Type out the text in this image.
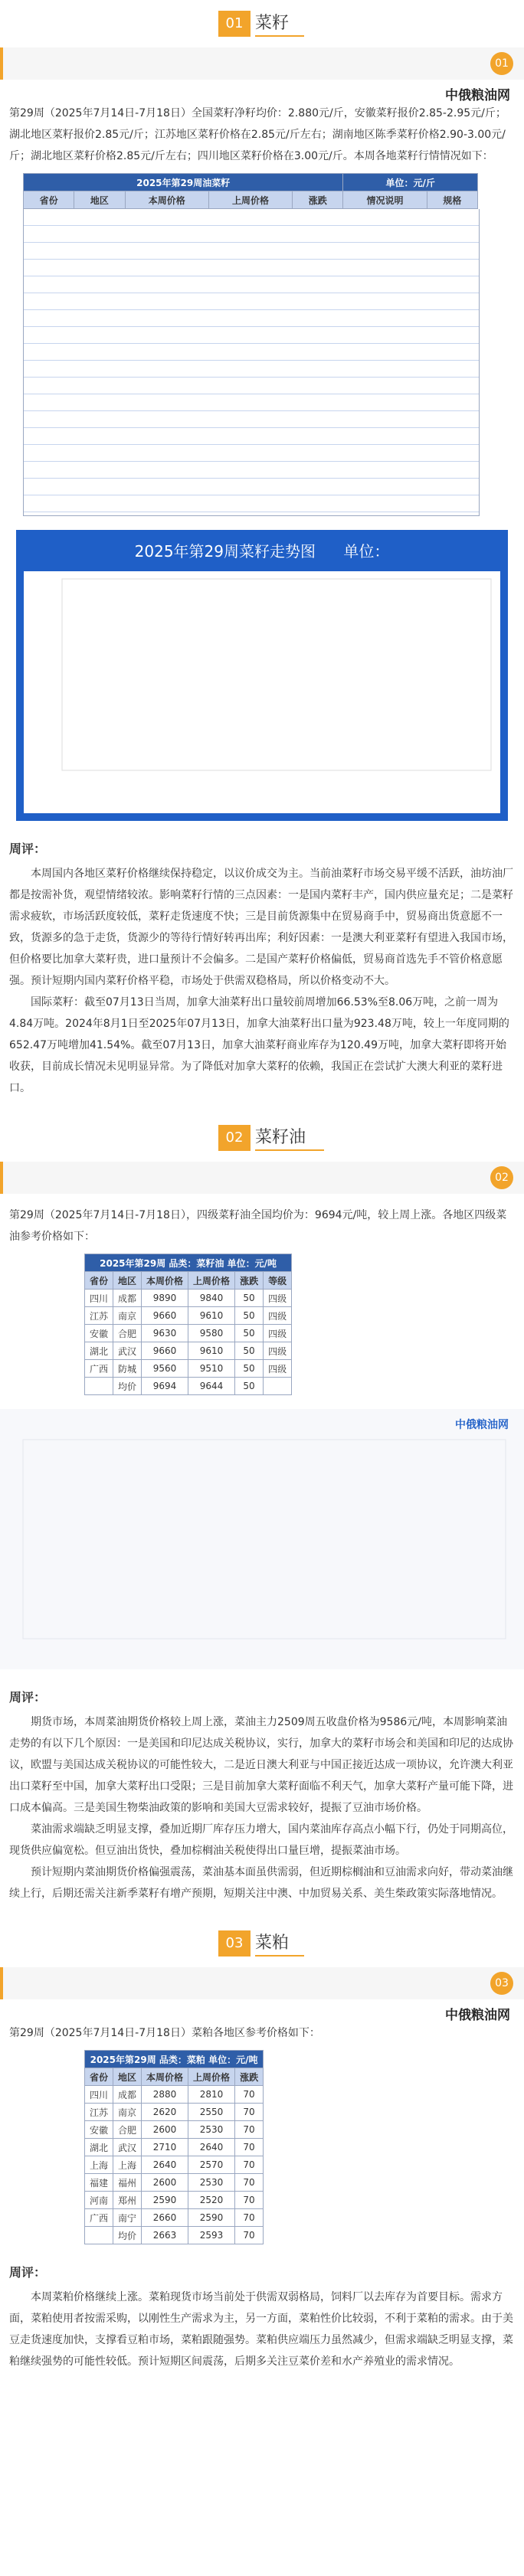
01 菜籽
01
中俄粮油网

第29周（2025年7月14日-7月18日）全国菜籽净籽均价：2.880元/斤，安徽菜籽报价2.85-2.95元/斤；湖北地区菜籽报价2.85元/斤；江苏地区菜籽价格在2.85元/斤左右；湖南地区陈季菜籽价格2.90-3.00元/斤；湖北地区菜籽价格2.85元/斤左右；四川地区菜籽价格在3.00元/斤。本周各地菜籽行情情况如下：

2025年第29周油菜籽					单位：元/斤	
省份	地区	本周价格	上周价格	涨跌	情况说明	规格
2025年第29周菜籽走势图 单位：
周评：

本周国内各地区菜籽价格继续保持稳定，以议价成交为主。当前油菜籽市场交易平缓不活跃，油坊油厂都是按需补货，观望情绪较浓。影响菜籽行情的三点因素：一是国内菜籽丰产，国内供应量充足；二是菜籽需求疲软，市场活跃度较低，菜籽走货速度不快；三是目前货源集中在贸易商手中，贸易商出货意愿不一致，货源多的急于走货，货源少的等待行情好转再出库；利好因素：一是澳大利亚菜籽有望进入我国市场，但价格要比加拿大菜籽贵，进口量预计不会偏多。二是国产菜籽价格偏低，贸易商首选先手不管价格意愿强。预计短期内国内菜籽价格平稳，市场处于供需双稳格局，所以价格变动不大。

国际菜籽：截至07月13日当周，加拿大油菜籽出口量较前周增加66.53%至8.06万吨，之前一周为4.84万吨。2024年8月1日至2025年07月13日，加拿大油菜籽出口量为923.48万吨，较上一年度同期的652.47万吨增加41.54%。截至07月13日，加拿大油菜籽商业库存为120.49万吨，加拿大菜籽即将开始收获，目前成长情况未见明显异常。为了降低对加拿大菜籽的依赖，我国正在尝试扩大澳大利亚的菜籽进口。

02 菜籽油
02

第29周（2025年7月14日-7月18日），四级菜籽油全国均价为：9694元/吨，较上周上涨。各地区四级菜油参考价格如下：

2025年第29周 品类：菜籽油 单位：元/吨					
省份	地区	本周价格	上周价格	涨跌	等级
四川	成都	9890	9840	50	四级
江苏	南京	9660	9610	50	四级
安徽	合肥	9630	9580	50	四级
湖北	武汉	9660	9610	50	四级
广西	防城	9560	9510	50	四级
	均价	9694	9644	50	
中俄粮油网
周评：

期货市场，本周菜油期货价格较上周上涨，菜油主力2509周五收盘价格为9586元/吨，本周影响菜油走势的有以下几个原因：一是美国和印尼达成关税协议，实行，加拿大的菜籽市场会和美国和印尼的达成协议，欧盟与美国达成关税协议的可能性较大，二是近日澳大利亚与中国正接近达成一项协议，允许澳大利亚出口菜籽至中国，加拿大菜籽出口受限；三是目前加拿大菜籽面临不利天气，加拿大菜籽产量可能下降，进口成本偏高。三是美国生物柴油政策的影响和美国大豆需求较好，提振了豆油市场价格。

菜油需求端缺乏明显支撑，叠加近期厂库存压力增大，国内菜油库存高点小幅下行，仍处于同期高位，现货供应偏宽松。但豆油出货快，叠加棕榈油关税使得出口量巨增，提振菜油市场。

预计短期内菜油期货价格偏强震荡，菜油基本面虽供需弱，但近期棕榈油和豆油需求向好，带动菜油继续上行，后期还需关注新季菜籽有增产预期，短期关注中澳、中加贸易关系、美生柴政策实际落地情况。

03 菜粕
03
中俄粮油网

第29周（2025年7月14日-7月18日）菜粕各地区参考价格如下：

2025年第29周 品类：菜粕 单位：元/吨				
省份	地区	本周价格	上周价格	涨跌
四川	成都	2880	2810	70
江苏	南京	2620	2550	70
安徽	合肥	2600	2530	70
湖北	武汉	2710	2640	70
上海	上海	2640	2570	70
福建	福州	2600	2530	70
河南	郑州	2590	2520	70
广西	南宁	2660	2590	70
	均价	2663	2593	70
周评：

本周菜粕价格继续上涨。菜粕现货市场当前处于供需双弱格局，饲料厂以去库存为首要目标。需求方面，菜粕使用者按需采购，以刚性生产需求为主，另一方面，菜粕性价比较弱，不利于菜粕的需求。由于美豆走货速度加快，支撑看豆粕市场，菜粕跟随强势。菜粕供应端压力虽然减少，但需求端缺乏明显支撑，菜粕继续强势的可能性较低。预计短期区间震荡，后期多关注豆菜价差和水产养殖业的需求情况。
